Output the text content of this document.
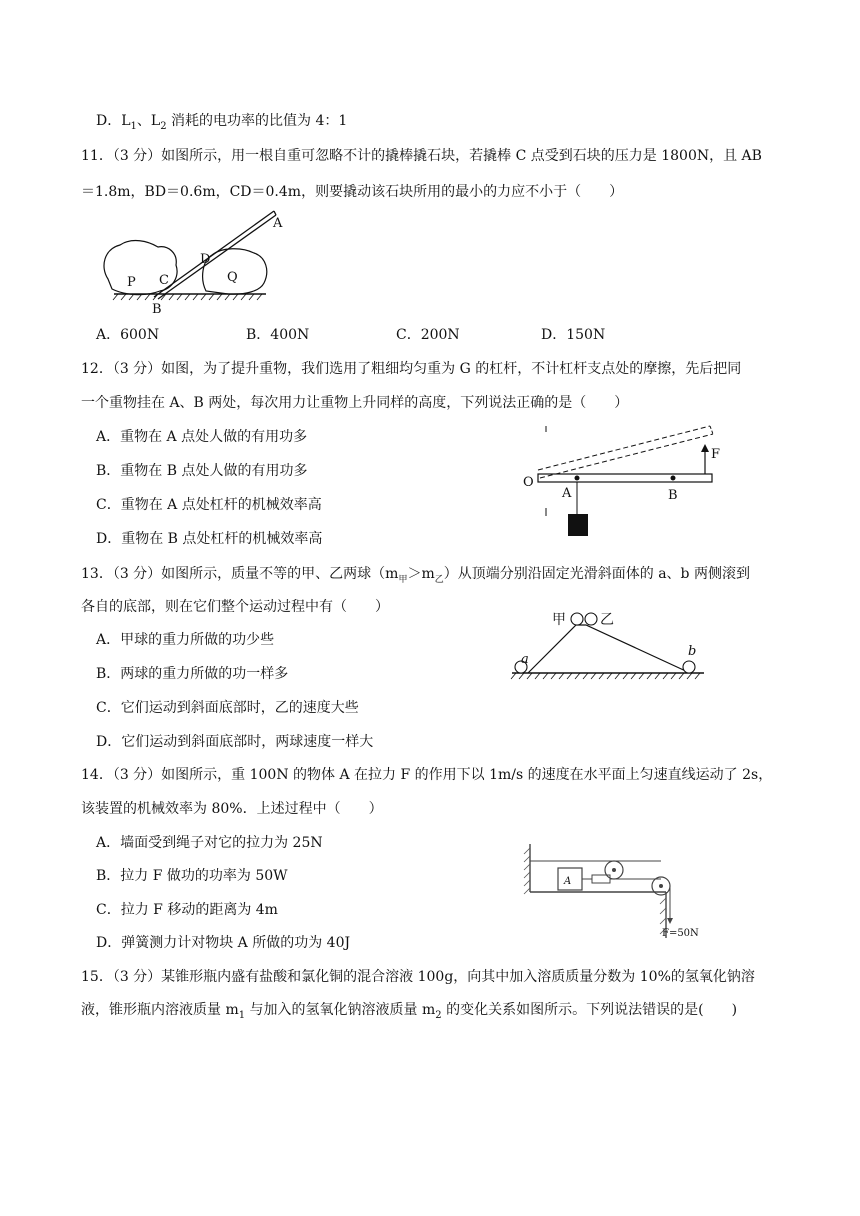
D．$L_1$、$L_2$ 消耗的电功率的比值为 4：1
11．（3 分）如图所示，用一根自重可忽略不计的撬棒撬石块，若撬棒 C 点受到石块的压力是 1800N，且 AB
＝1.8m，BD＝0.6m，CD＝0.4m，则要撬动该石块所用的最小的力应不小于（　　）
A
B
C
D
P	Q
A．600N	B．400N	C．200N	D．150N
12．（3 分）如图，为了提升重物，我们选用了粗细均匀重为 G 的杠杆，不计杠杆支点处的摩擦，先后把同
一个重物挂在 A、B 两处，每次用力让重物上升同样的高度，下列说法正确的是（　　）
A．重物在 A 点处人做的有用功多
B．重物在 B 点处人做的有用功多
C．重物在 A 点处杠杆的机械效率高
D．重物在 B 点处杠杆的机械效率高
O
A	B
F
13．（3 分）如图所示，质量不等的甲、乙两球$(m_甲>m_乙)$从顶端分别沿固定光滑斜面体的 a、b 两侧滚到
各自的底部，则在它们整个运动过程中有（　　）
A．甲球的重力所做的功少些
B．两球的重力所做的功一样多
C．它们运动到斜面底部时，乙的速度大些
D．它们运动到斜面底部时，两球速度一样大
甲 乙
a
b
14．（3 分）如图所示，重 100N 的物体 A 在拉力 F 的作用下以 1m/s 的速度在水平面上匀速直线运动了 2s，
该装置的机械效率为 80%．上述过程中（　　）
A．墙面受到绳子对它的拉力为 25N
B．拉力 F 做功的功率为 50W
C．拉力 F 移动的距离为 4m
D．弹簧测力计对物块 A 所做的功为 40J
A
F=50N
15．（3 分）某锥形瓶内盛有盐酸和氯化铜的混合溶液 100g，向其中加入溶质质量分数为 10%的氢氧化钠溶
液，锥形瓶内溶液质量 $m_1$ 与加入的氢氧化钠溶液质量 $m_2$ 的变化关系如图所示。下列说法错误的是(　　)
